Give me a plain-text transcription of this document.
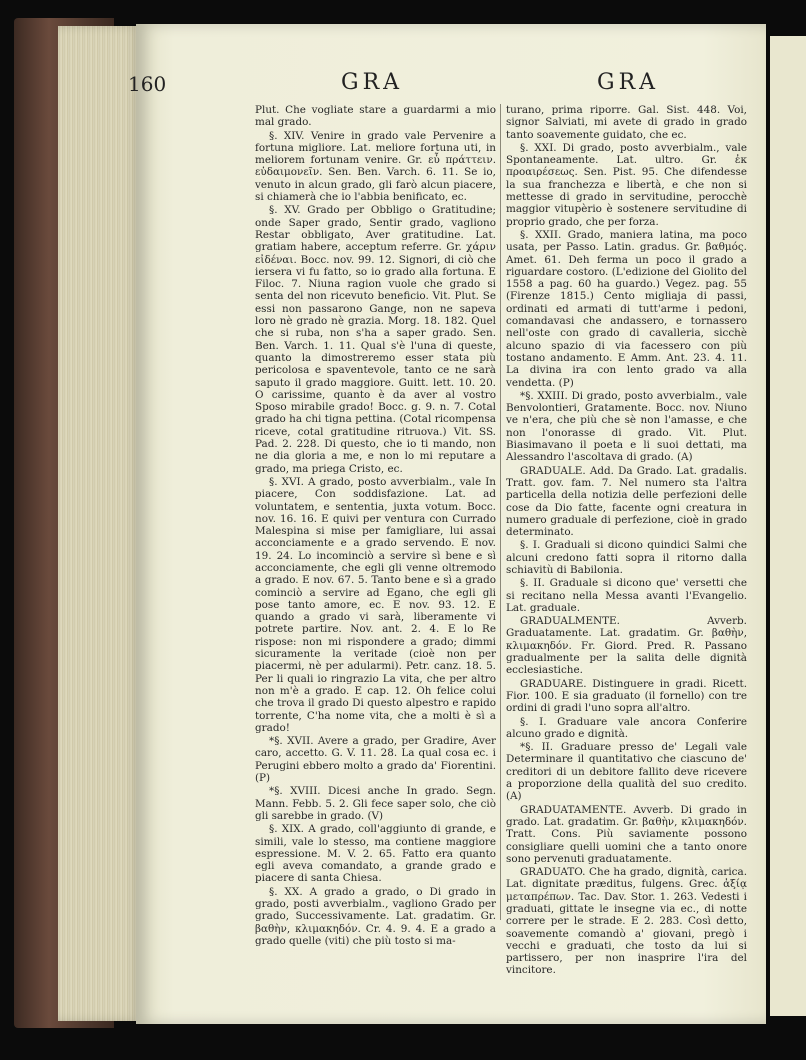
160	GRA	GRA

Plut. Che vogliate stare a guardarmi a mio mal grado.

§. XIV. Venire in grado vale Pervenire a fortuna migliore. Lat. meliore fortuna uti, in meliorem fortunam venire. Gr. εὖ πράττειν. εὐδαιμονεῖν. Sen. Ben. Varch. 6. 11. Se io, venuto in alcun grado, gli farò alcun piacere, si chiamerà che io l'abbia benificato, ec.

§. XV. Grado per Obbligo o Gratitudine; onde Saper grado, Sentir grado, vagliono Restar obbligato, Aver gratitudine. Lat. gratiam habere, acceptum referre. Gr. χάριν εἰδέναι. Bocc. nov. 99. 12. Signori, di ciò che iersera vi fu fatto, so io grado alla fortuna. E Filoc. 7. Niuna ragion vuole che grado si senta del non ricevuto beneficio. Vit. Plut. Se essi non passarono Gange, non ne sapeva loro nè grado nè grazia. Morg. 18. 182. Quel che si ruba, non s'ha a saper grado. Sen. Ben. Varch. 1. 11. Qual s'è l'una di queste, quanto la dimostreremo esser stata più pericolosa e spaventevole, tanto ce ne sarà saputo il grado maggiore. Guitt. lett. 10. 20. O carissime, quanto è da aver al vostro Sposo mirabile grado! Bocc. g. 9. n. 7. Cotal grado ha chi tigna pettina. (Cotal ricompensa riceve, cotal gratitudine ritruova.) Vit. SS. Pad. 2. 228. Di questo, che io ti mando, non ne dia gloria a me, e non lo mi reputare a grado, ma priega Cristo, ec.

§. XVI. A grado, posto avverbialm., vale In piacere, Con soddisfazione. Lat. ad voluntatem, e sententia, juxta votum. Bocc. nov. 16. 16. E quivi per ventura con Currado Malespina si mise per famigliare, lui assai acconciamente e a grado servendo. E nov. 19. 24. Lo incominciò a servire sì bene e sì acconciamente, che egli gli venne oltremodo a grado. E nov. 67. 5. Tanto bene e sì a grado cominciò a servire ad Egano, che egli gli pose tanto amore, ec. E nov. 93. 12. E quando a grado vi sarà, liberamente vi potrete partire. Nov. ant. 2. 4. E lo Re rispose: non mi rispondere a grado; dimmi sicuramente la veritade (cioè non per piacermi, nè per adularmi). Petr. canz. 18. 5. Per li quali io ringrazio La vita, che per altro non m'è a grado. E cap. 12. Oh felice colui che trova il grado Di questo alpestro e rapido torrente, C'ha nome vita, che a molti è sì a grado!

*§. XVII. Avere a grado, per Gradire, Aver caro, accetto. G. V. 11. 28. La qual cosa ec. i Perugini ebbero molto a grado da' Fiorentini. (P)

*§. XVIII. Dicesi anche In grado. Segn. Mann. Febb. 5. 2. Gli fece saper solo, che ciò gli sarebbe in grado. (V)

§. XIX. A grado, coll'aggiunto di grande, e simili, vale lo stesso, ma contiene maggiore espressione. M. V. 2. 65. Fatto era quanto egli aveva comandato, a grande grado e piacere di santa Chiesa.

§. XX. A grado a grado, o Di grado in grado, posti avverbialm., vagliono Grado per grado, Successivamente. Lat. gradatim. Gr. βαθὴν, κλιμακηδόν. Cr. 4. 9. 4. E a grado a grado quelle (viti) che più tosto si ma-

turano, prima riporre. Gal. Sist. 448. Voi, signor Salviati, mi avete di grado in grado tanto soavemente guidato, che ec.

§. XXI. Di grado, posto avverbialm., vale Spontaneamente. Lat. ultro. Gr. ἐκ προαιρέσεως. Sen. Pist. 95. Che difendesse la sua franchezza e libertà, e che non si mettesse di grado in servitudine, perocchè maggior vitupèrio è sostenere servitudine di proprio grado, che per forza.

§. XXII. Grado, maniera latina, ma poco usata, per Passo. Latin. gradus. Gr. βαθμός. Amet. 61. Deh ferma un poco il grado a riguardare costoro. (L'edizione del Giolito del 1558 a pag. 60 ha guardo.) Vegez. pag. 55 (Firenze 1815.) Cento migliaja di passi, ordinati ed armati di tutt'arme i pedoni, comandavasi che andassero, e tornassero nell'oste con grado di cavalleria, sicchè alcuno spazio di via facessero con più tostano andamento. E Amm. Ant. 23. 4. 11. La divina ira con lento grado va alla vendetta. (P)

*§. XXIII. Di grado, posto avverbialm., vale Benvolontieri, Gratamente. Bocc. nov. Niuno ve n'era, che più che sè non l'amasse, e che non l'onorasse di grado. Vit. Plut. Biasimavano il poeta e li suoi dettati, ma Alessandro l'ascoltava di grado. (A)

GRADUALE. Add. Da Grado. Lat. gradalis. Tratt. gov. fam. 7. Nel numero sta l'altra particella della notizia delle perfezioni delle cose da Dio fatte, facente ogni creatura in numero graduale di perfezione, cioè in grado determinato.

§. I. Graduali si dicono quindici Salmi che alcuni credono fatti sopra il ritorno dalla schiavitù di Babilonia.

§. II. Graduale si dicono que' versetti che si recitano nella Messa avanti l'Evangelio. Lat. graduale.

GRADUALMENTE. Avverb. Graduatamente. Lat. gradatim. Gr. βαθὴν, κλιμακηδόν. Fr. Giord. Pred. R. Passano gradualmente per la salita delle dignità ecclesiastiche.

GRADUARE. Distinguere in gradi. Ricett. Fior. 100. E sia graduato (il fornello) con tre ordini di gradi l'uno sopra all'altro.

§. I. Graduare vale ancora Conferire alcuno grado e dignità.

*§. II. Graduare presso de' Legali vale Determinare il quantitativo che ciascuno de' creditori di un debitore fallito deve ricevere a proporzione della qualità del suo credito. (A)

GRADUATAMENTE. Avverb. Di grado in grado. Lat. gradatim. Gr. βαθὴν, κλιμακηδόν. Tratt. Cons. Più saviamente possono consigliare quelli uomini che a tanto onore sono pervenuti graduatamente.

GRADUATO. Che ha grado, dignità, carica. Lat. dignitate præditus, fulgens. Grec. ἀξίᾳ μεταπρέπων. Tac. Dav. Stor. 1. 263. Vedesti i graduati, gittate le insegne via ec., di notte correre per le strade. E 2. 283. Così detto, soavemente comandò a' giovani, pregò i vecchi e graduati, che tosto da lui si partissero, per non inasprire l'ira del vincitore.
